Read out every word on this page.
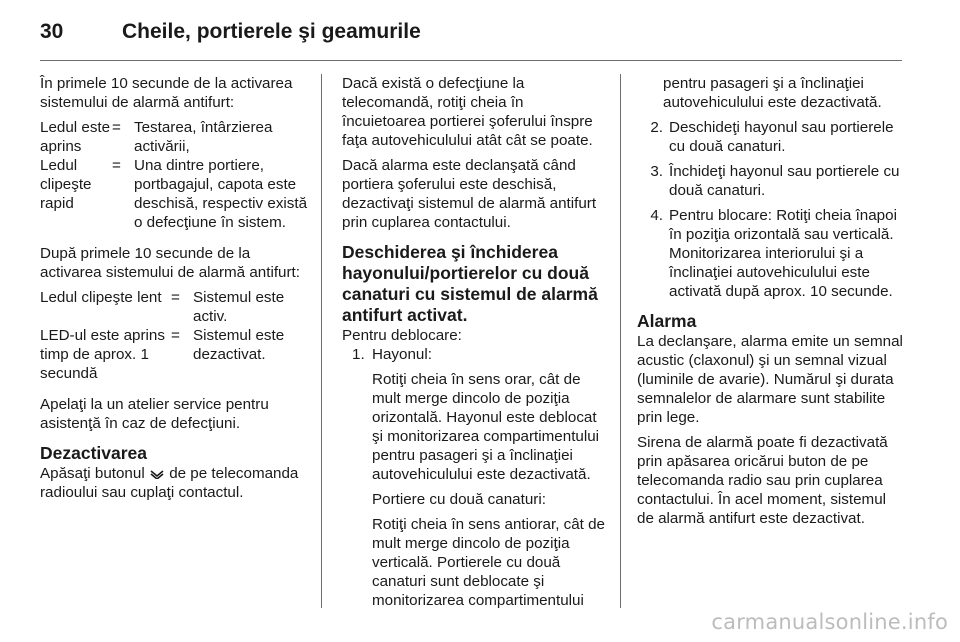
30	Cheile, portierele şi geamurile

În primele 10 secunde de la activarea sistemului de alarmă antifurt:

Ledul este aprins
= Testarea, întârzierea activării,
Ledul clipeşte rapid
= Una dintre portiere, portbagajul, capota este deschisă, respectiv există o defecţiune în sistem.

După primele 10 secunde de la activarea sistemului de alarmă antifurt:

Ledul clipeşte lent = Sistemul este activ.
LED-ul este aprins timp de aprox. 1 secundă
= Sistemul este dezactivat.

Apelaţi la un atelier service pentru asistenţă în caz de defecţiuni.

Dezactivarea

Apăsaţi butonul de pe telecomanda radioului sau cuplaţi contactul.

Dacă există o defecţiune la telecomandă, rotiţi cheia în încuietoarea portierei şoferului înspre faţa autovehiculului atât cât se poate.

Dacă alarma este declanşată când portiera şoferului este deschisă, dezactivaţi sistemul de alarmă antifurt prin cuplarea contactului.

Deschiderea şi închiderea hayonului/portierelor cu două canaturi cu sistemul de alarmă antifurt activat.

Pentru deblocare:

1. Hayonul:

Rotiţi cheia în sens orar, cât de mult merge dincolo de poziţia orizontală. Hayonul este deblocat şi monitorizarea compartimentului pentru pasageri şi a înclinaţiei autovehiculului este dezactivată.

Portiere cu două canaturi:

Rotiţi cheia în sens antiorar, cât de mult merge dincolo de poziţia verticală. Portierele cu două canaturi sunt deblocate şi monitorizarea compartimentului

pentru pasageri şi a înclinaţiei autovehiculului este dezactivată.

2. Deschideţi hayonul sau portierele cu două canaturi.
3. Închideţi hayonul sau portierele cu două canaturi.
4. Pentru blocare: Rotiţi cheia înapoi în poziţia orizontală sau verticală. Monitorizarea interiorului şi a înclinaţiei autovehiculului este activată după aprox. 10 secunde.
Alarma

La declanşare, alarma emite un semnal acustic (claxonul) şi un semnal vizual (luminile de avarie). Numărul şi durata semnalelor de alarmare sunt stabilite prin lege.

Sirena de alarmă poate fi dezactivată prin apăsarea oricărui buton de pe telecomanda radio sau prin cuplarea contactului. În acel moment, sistemul de alarmă antifurt este dezactivat.

carmanualsonline.info
